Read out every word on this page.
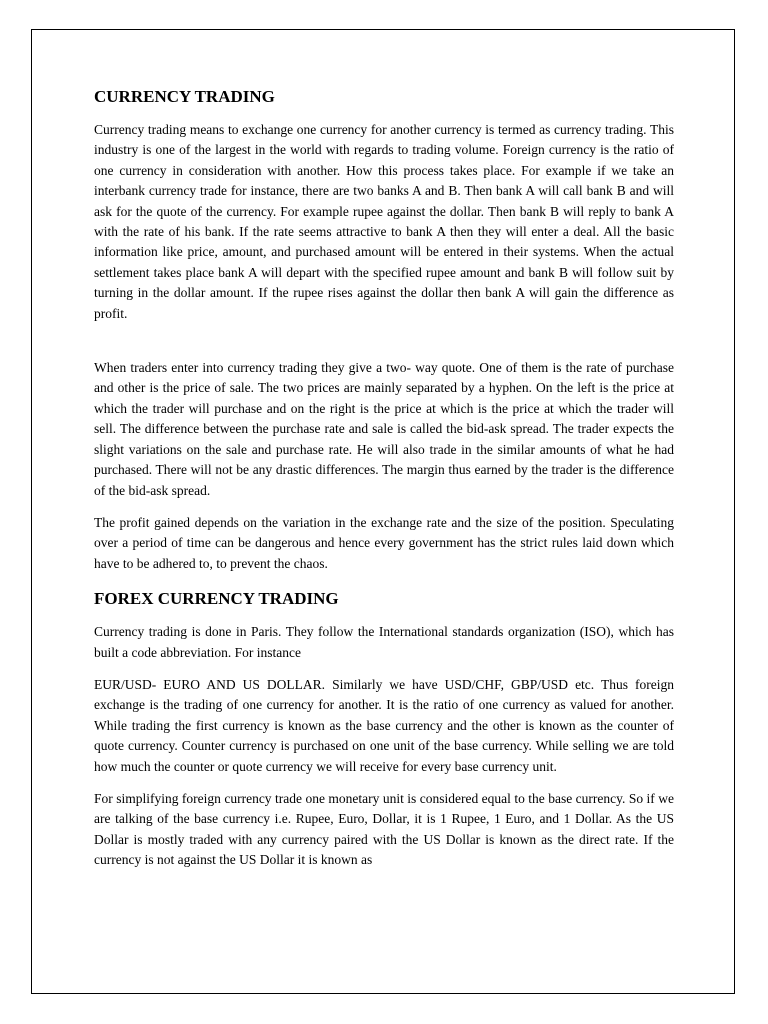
CURRENCY TRADING

Currency trading means to exchange one currency for another currency is termed as currency trading. This industry is one of the largest in the world with regards to trading volume. Foreign currency is the ratio of one currency in consideration with another. How this process takes place. For example if we take an interbank currency trade for instance, there are two banks A and B. Then bank A will call bank B and will ask for the quote of the currency. For example rupee against the dollar. Then bank B will reply to bank A with the rate of his bank. If the rate seems attractive to bank A then they will enter a deal. All the basic information like price, amount, and purchased amount will be entered in their systems. When the actual settlement takes place bank A will depart with the specified rupee amount and bank B will follow suit by turning in the dollar amount. If the rupee rises against the dollar then bank A will gain the difference as profit.

When traders enter into currency trading they give a two- way quote. One of them is the rate of purchase and other is the price of sale. The two prices are mainly separated by a hyphen. On the left is the price at which the trader will purchase and on the right is the price at which is the price at which the trader will sell. The difference between the purchase rate and sale is called the bid-ask spread. The trader expects the slight variations on the sale and purchase rate. He will also trade in the similar amounts of what he had purchased. There will not be any drastic differences. The margin thus earned by the trader is the difference of the bid-ask spread.

The profit gained depends on the variation in the exchange rate and the size of the position. Speculating over a period of time can be dangerous and hence every government has the strict rules laid down which have to be adhered to, to prevent the chaos.

FOREX CURRENCY TRADING

Currency trading is done in Paris. They follow the International standards organization (ISO), which has built a code abbreviation. For instance

EUR/USD- EURO AND US DOLLAR. Similarly we have USD/CHF, GBP/USD etc. Thus foreign exchange is the trading of one currency for another. It is the ratio of one currency as valued for another. While trading the first currency is known as the base currency and the other is known as the counter of quote currency. Counter currency is purchased on one unit of the base currency. While selling we are told how much the counter or quote currency we will receive for every base currency unit.

For simplifying foreign currency trade one monetary unit is considered equal to the base currency. So if we are talking of the base currency i.e. Rupee, Euro, Dollar, it is 1 Rupee, 1 Euro, and 1 Dollar. As the US Dollar is mostly traded with any currency paired with the US Dollar is known as the direct rate. If the currency is not against the US Dollar it is known as
